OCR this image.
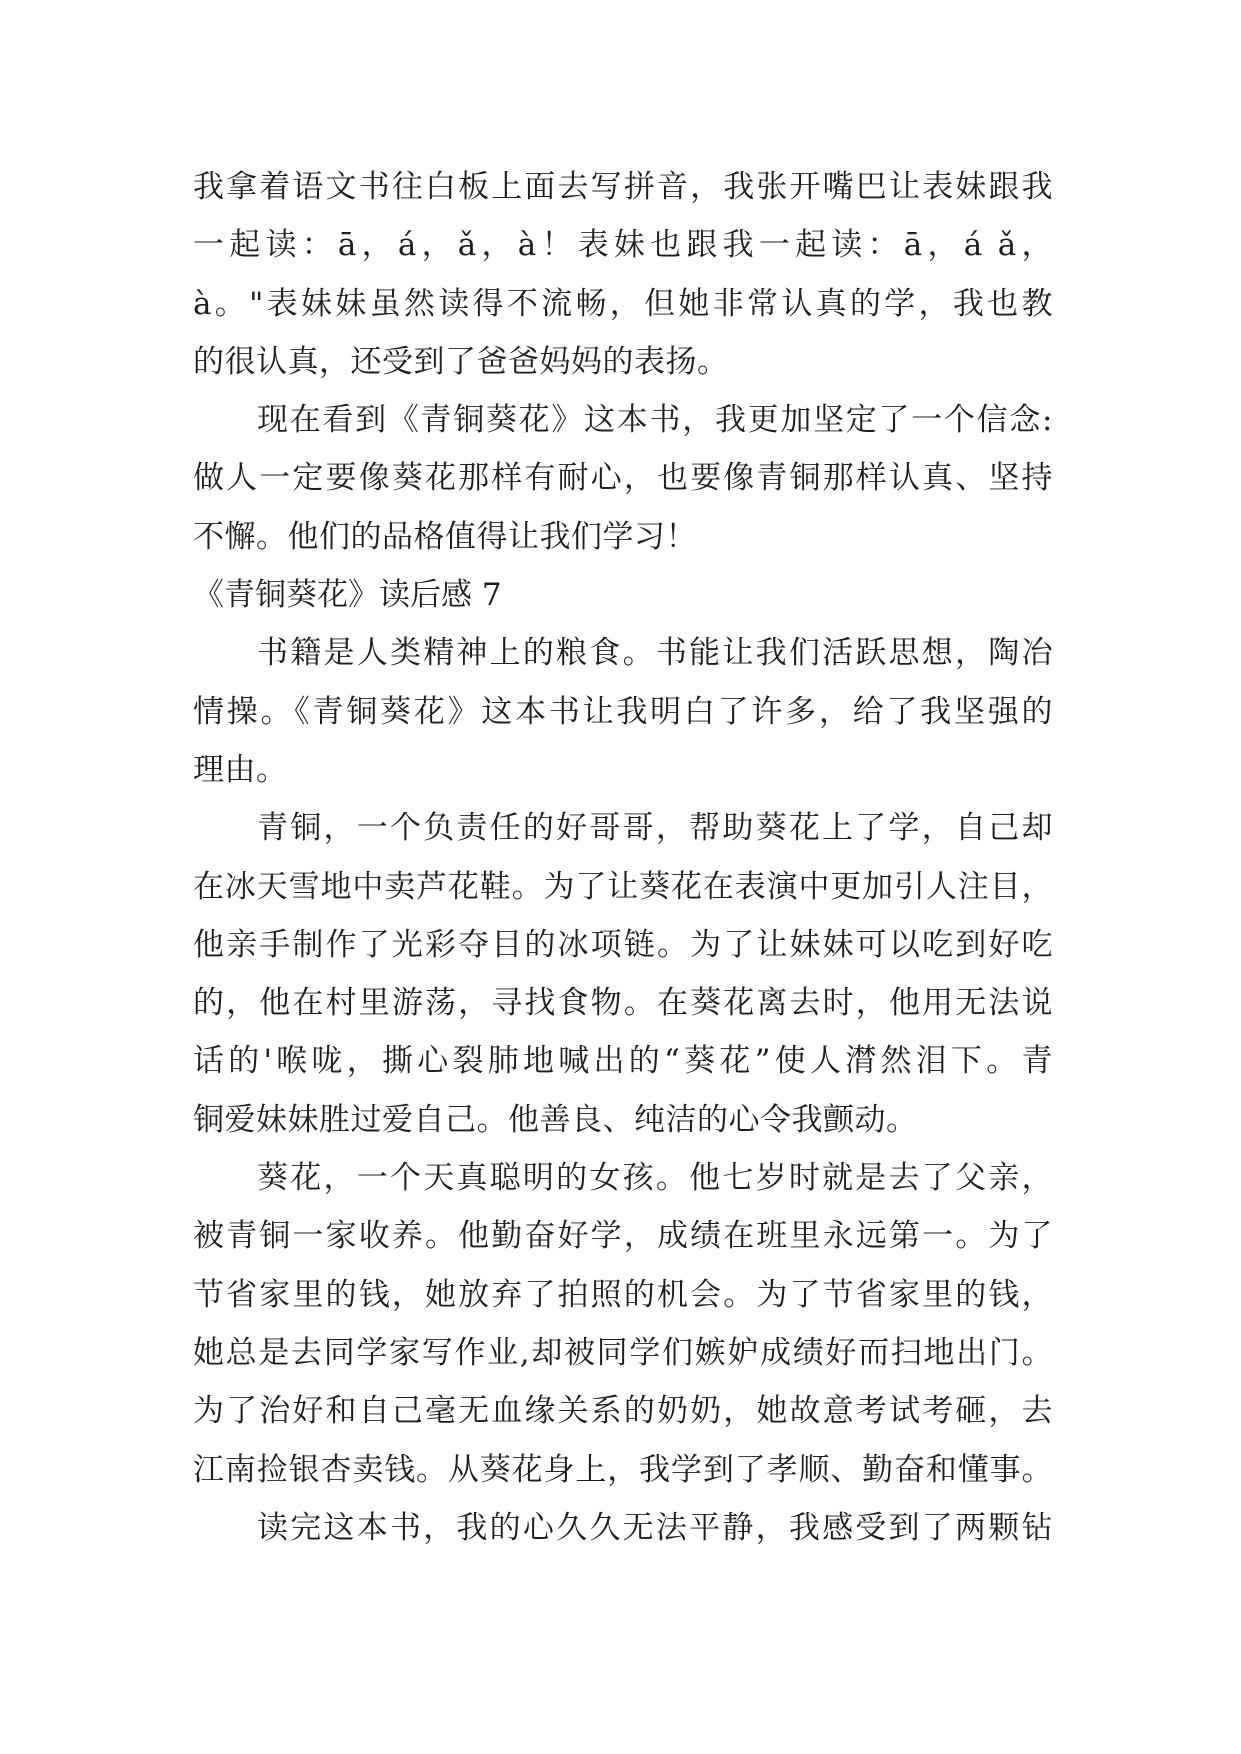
我拿着语文书往白板上面去写拼音，我张开嘴巴让表妹跟我
一起读：ā，á，ǎ，à！表妹也跟我一起读：ā，á ǎ，
à。"表妹妹虽然读得不流畅，但她非常认真的学，我也教
的很认真，还受到了爸爸妈妈的表扬。
现在看到《青铜葵花》这本书，我更加坚定了一个信念:
做人一定要像葵花那样有耐心，也要像青铜那样认真、坚持
不懈。他们的品格值得让我们学习！
《青铜葵花》读后感 7
书籍是人类精神上的粮食。书能让我们活跃思想，陶冶
情操。《青铜葵花》这本书让我明白了许多，给了我坚强的
理由。
青铜，一个负责任的好哥哥，帮助葵花上了学，自己却
在冰天雪地中卖芦花鞋。为了让葵花在表演中更加引人注目，
他亲手制作了光彩夺目的冰项链。为了让妹妹可以吃到好吃
的，他在村里游荡，寻找食物。在葵花离去时，他用无法说
话的'喉咙，撕心裂肺地喊出的“葵花”使人潸然泪下。青
铜爱妹妹胜过爱自己。他善良、纯洁的心令我颤动。
葵花，一个天真聪明的女孩。他七岁时就是去了父亲，
被青铜一家收养。他勤奋好学，成绩在班里永远第一。为了
节省家里的钱，她放弃了拍照的机会。为了节省家里的钱，
她总是去同学家写作业,却被同学们嫉妒成绩好而扫地出门。
为了治好和自己毫无血缘关系的奶奶，她故意考试考砸，去
江南捡银杏卖钱。从葵花身上，我学到了孝顺、勤奋和懂事。
读完这本书，我的心久久无法平静，我感受到了两颗钻
